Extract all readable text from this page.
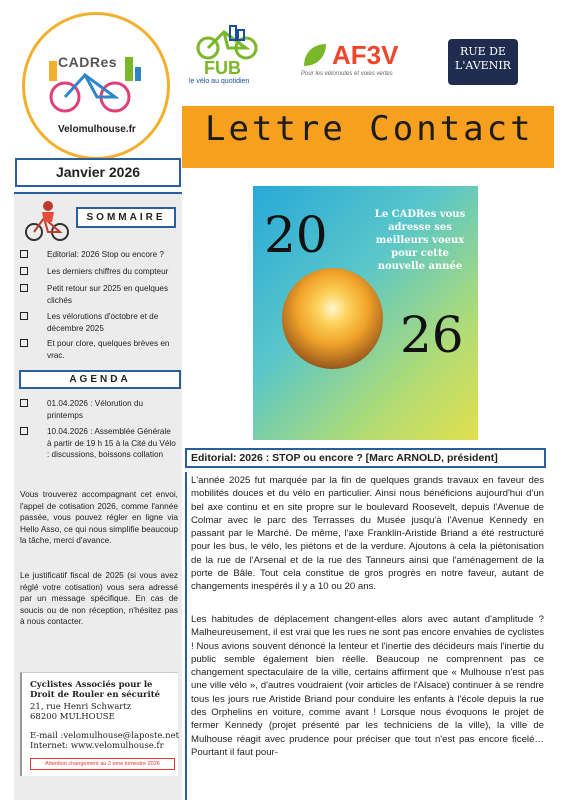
CADRes
Velomulhouse.fr
FUB
le vélo au quotidien
AF3V
Pour les véloroutes et voies vertes
RUE DE
L'AVENIR
Lettre Contact
Janvier 2026
SOMMAIRE
Editorial: 2026 Stop ou encore ?
Les derniers chiffres du compteur
Petit retour sur 2025 en quelques clichés
Les vélorutions d'octobre et de décembre 2025
Et pour clore, quelques brèves en vrac.
AGENDA
01.04.2026 : Vélorution du printemps
10.04.2026 : Assemblée Générale à partir de 19 h 15 à la Cité du Vélo : discussions, boissons collation
Vous trouverez accompagnant cet envoi, l'appel de cotisation 2026, comme l'année passée, vous pouvez régler en ligne via Hello Asso, ce qui nous simplifie beaucoup la tâche, merci d'avance.
Le justificatif fiscal de 2025 (si vous avez réglé votre cotisation) vous sera adressé par un message spécifique. En cas de soucis ou de non réception, n'hésitez pas à nous contacter.
Cyclistes Associés pour le Droit de Rouler en sécurité
21, rue Henri Schwartz
68200 MULHOUSE
E-mail :velomulhouse@laposte.net
Internet: www.velomulhouse.fr
Attention changement au 2 eme trimestre 2026
20
26
Le CADRes vous adresse ses meilleurs voeux pour cette nouvelle année
Editorial: 2026 : STOP ou encore ? [Marc ARNOLD, président]
L'année 2025 fut marquée par la fin de quelques grands travaux en faveur des mobilités douces et du vélo en particulier. Ainsi nous bénéficions aujourd'hui d'un bel axe continu et en site propre sur le boulevard Roosevelt, depuis l'Avenue de Colmar avec le parc des Terrasses du Musée jusqu'à l'Avenue Kennedy en passant par le Marché. De même, l'axe Franklin-Aristide Briand a été restructuré pour les bus, le vélo, les piétons et de la verdure. Ajoutons à cela la piétonisation de la rue de l'Arsenal et de la rue des Tanneurs ainsi que l'aménagement de la porte de Bâle. Tout cela constitue de gros progrès en notre faveur, autant de changements inespérés il y a 10 ou 20 ans.
Les habitudes de déplacement changent-elles alors avec autant d'amplitude ? Malheureusement, il est vrai que les rues ne sont pas encore envahies de cyclistes ! Nous avions souvent dénoncé la lenteur et l'inertie des décideurs mais l'inertie du public semble également bien réelle. Beaucoup ne comprennent pas ce changement spectaculaire de la ville, certains affirment que « Mulhouse n'est pas une ville vélo », d'autres voudraient (voir articles de l'Alsace) continuer à se rendre tous les jours rue Aristide Briand pour conduire les enfants à l'école depuis la rue des Orphelins en voiture, comme avant ! Lorsque nous évoquons le projet de fermer Kennedy (projet présenté par les techniciens de la ville), la ville de Mulhouse réagit avec prudence pour préciser que tout n'est pas encore ficelé… Pourtant il faut pour-
